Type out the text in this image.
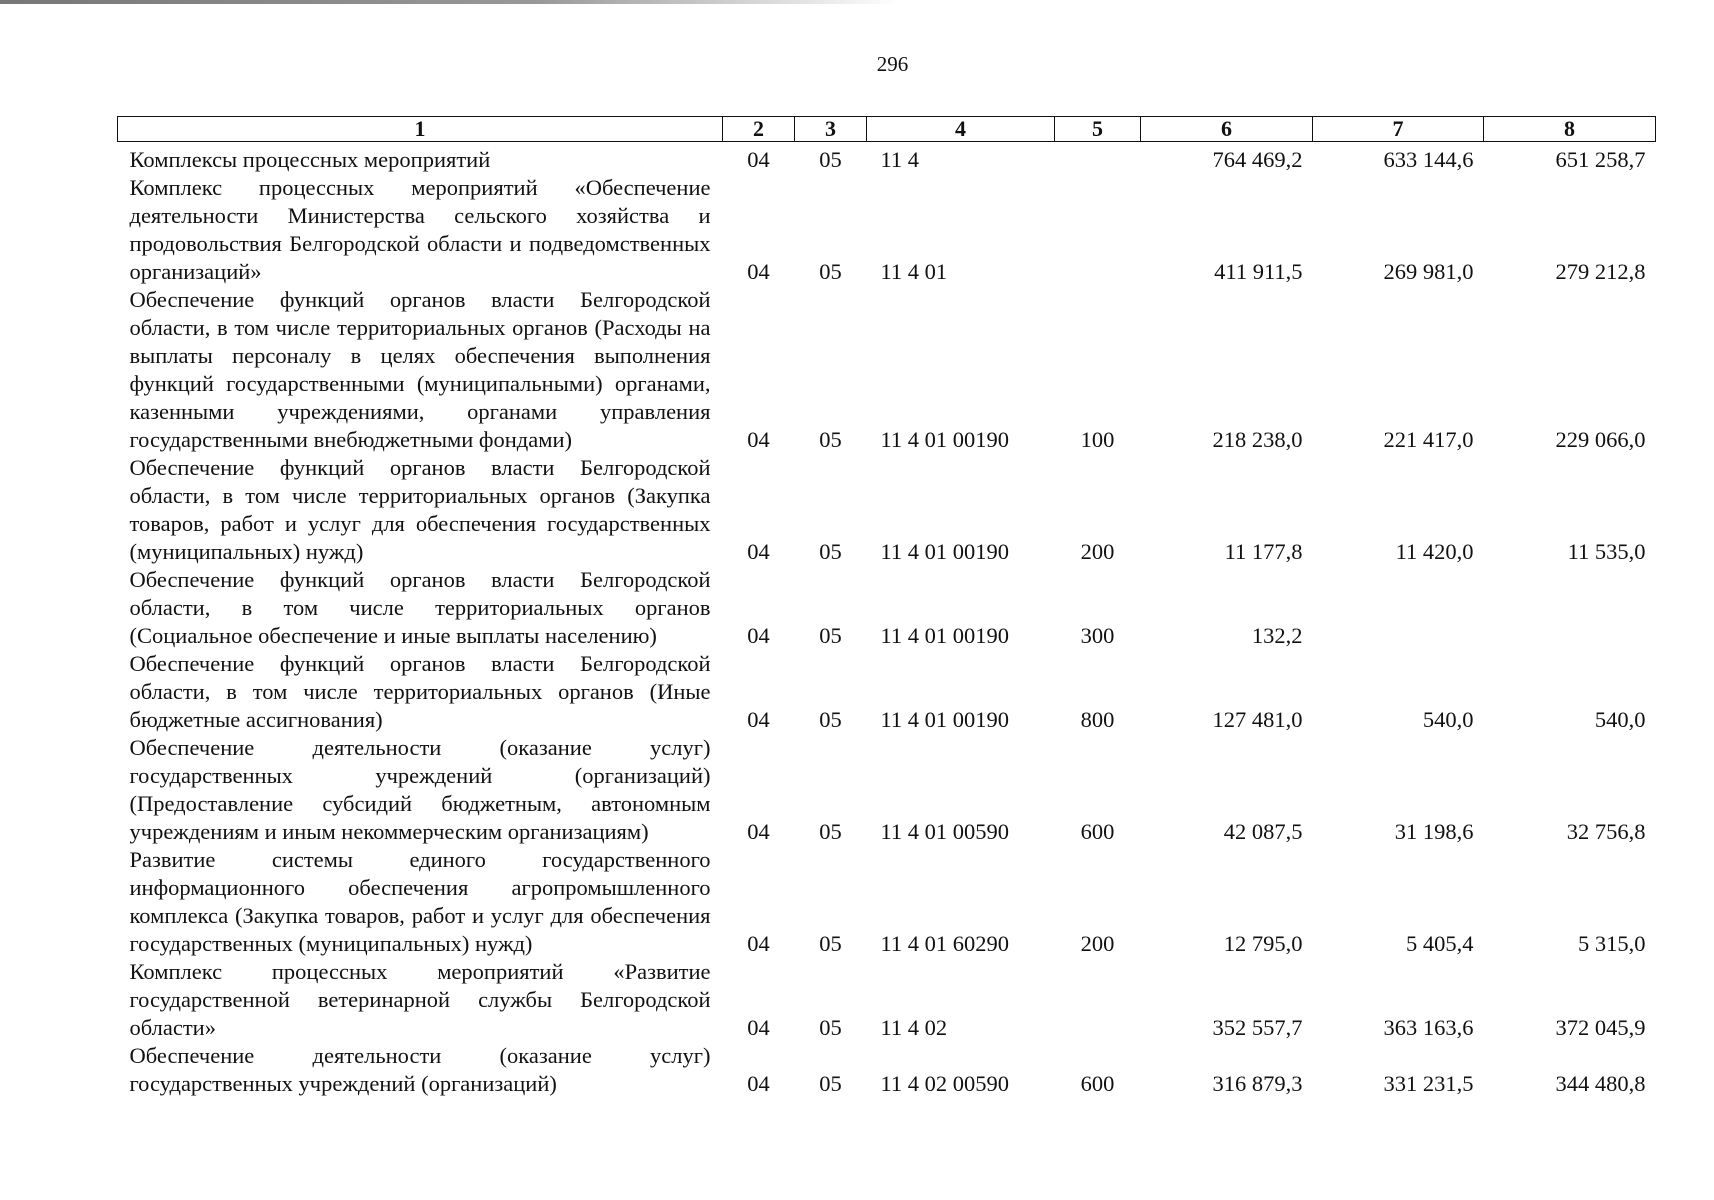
296
1	2	3	4	5	6	7	8
Комплексы процессных мероприятий	04	05	11 4		764 469,2	633 144,6	651 258,7
Комплекс процессных мероприятий «Обеспечение деятельности Министерства сельского хозяйства и продовольствия Белгородской области и подведомственных организаций»	04	05	11 4 01		411 911,5	269 981,0	279 212,8
Обеспечение функций органов власти Белгородской области, в том числе территориальных органов (Расходы на выплаты персоналу в целях обеспечения выполнения функций государственными (муниципальными) органами, казенными учреждениями, органами управления государственными внебюджетными фондами)	04	05	11 4 01 00190	100	218 238,0	221 417,0	229 066,0
Обеспечение функций органов власти Белгородской области, в том числе территориальных органов (Закупка товаров, работ и услуг для обеспечения государственных (муниципальных) нужд)	04	05	11 4 01 00190	200	11 177,8	11 420,0	11 535,0
Обеспечение функций органов власти Белгородской области, в том числе территориальных органов (Социальное обеспечение и иные выплаты населению)	04	05	11 4 01 00190	300	132,2		
Обеспечение функций органов власти Белгородской области, в том числе территориальных органов (Иные бюджетные ассигнования)	04	05	11 4 01 00190	800	127 481,0	540,0	540,0
Обеспечение деятельности (оказание услуг) государственных учреждений (организаций) (Предоставление субсидий бюджетным, автономным учреждениям и иным некоммерческим организациям)	04	05	11 4 01 00590	600	42 087,5	31 198,6	32 756,8
Развитие системы единого государственного информационного обеспечения агропромышленного комплекса (Закупка товаров, работ и услуг для обеспечения государственных (муниципальных) нужд)	04	05	11 4 01 60290	200	12 795,0	5 405,4	5 315,0
Комплекс процессных мероприятий «Развитие государственной ветеринарной службы Белгородской области»	04	05	11 4 02		352 557,7	363 163,6	372 045,9
Обеспечение деятельности (оказание услуг) государственных учреждений (организаций)	04	05	11 4 02 00590	600	316 879,3	331 231,5	344 480,8
